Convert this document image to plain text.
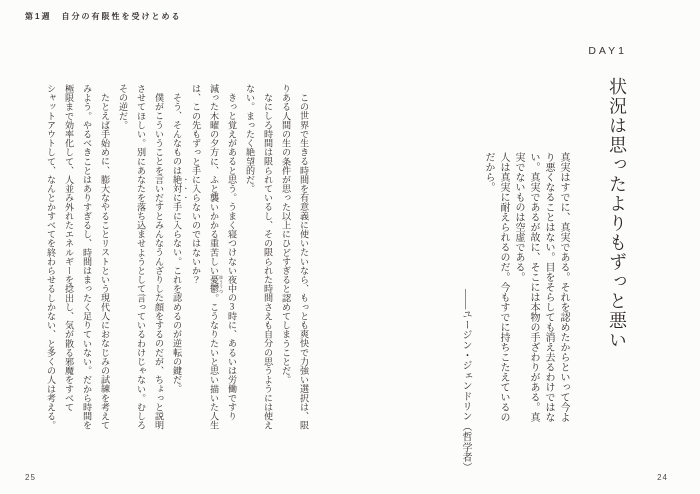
第1週　自分の有限性を受けとめる
DAY1
状況は思ったよりもずっと悪い

真実はすでに、真実である。それを認めたからといって今より悪くなることはない。目をそらしても消え去るわけではない。真実であるが故に、そこには本物の手ざわりがある。真実でないものは空虚である。

人は真実に耐えられるのだ。今もすでに持ちこたえているのだから。

――ユージン・ジェンドリン（哲学者）
24

この世界で生きる時間を有意義に使いたいなら、もっとも爽快で力強い選択は、限りある人間の生の条件が思った以上にひどすぎると認めてしまうことだ。

なにしろ時間は限られているし、その限られた時間さえも自分の思うようには使えない。まったく絶望的だ。

きっと覚えがあると思う。うまく寝つけない夜中の3時に、あるいは労働ですり減った木曜の夕方に、ふと襲いかかる重苦しい憂鬱 ゆううつ。こうなりたいと思い描いた人生は、この先もずっと手に入らないのではないか？

そう、そんなものは絶対に手に入らない。これを認めるのが逆転の鍵だ。

僕がこういうことを言いだすとみんなうんざりした顔をするのだが、ちょっと説明させてほしい。別にあなたを落ち込ませようとして言っているわけじゃない。むしろその逆だ。

たとえば手始めに、膨大なやることリストという現代人におなじみの試練を考えてみよう。やるべきことはありすぎるし、時間はまったく足りていない。だから時間を極限まで効率化して、人並み外れたエネルギーを捻出し、気が散る邪魔をすべてシャットアウトして、なんとかすべてを終わらせるしかない、と多くの人は考える。

25
